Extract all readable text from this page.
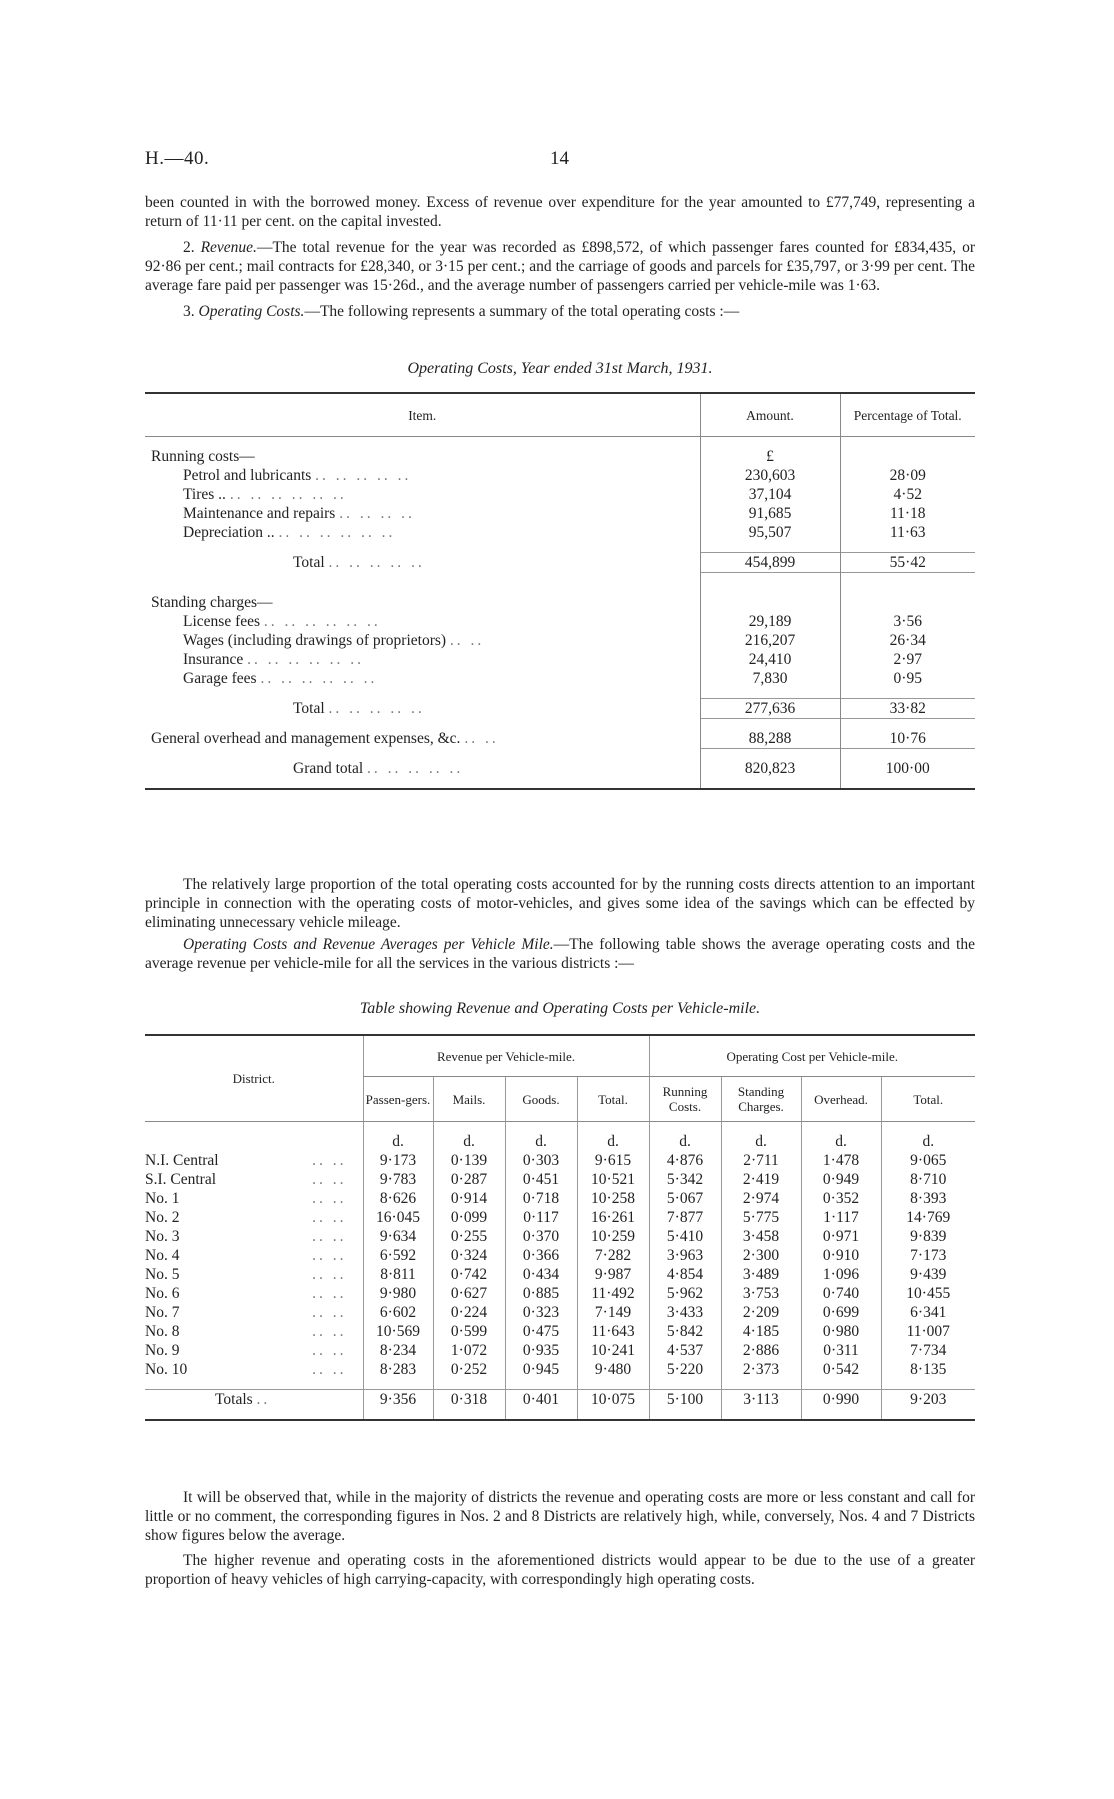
H.—40.	14

been counted in with the borrowed money. Excess of revenue over expenditure for the year amounted to £77,749, representing a return of 11·11 per cent. on the capital invested.

2. Revenue.—The total revenue for the year was recorded as £898,572, of which passenger fares counted for £834,435, or 92·86 per cent.; mail contracts for £28,340, or 3·15 per cent.; and the carriage of goods and parcels for £35,797, or 3·99 per cent. The average fare paid per passenger was 15·26d., and the average number of passengers carried per vehicle-mile was 1·63.

3. Operating Costs.—The following represents a summary of the total operating costs :—

Operating Costs, Year ended 31st March, 1931.
Item.	Amount.	Percentage of Total.

Running costs—	£	
Petrol and lubricants .. .. .. .. ..	230,603	28·09
Tires .. .. .. .. .. .. ..	37,104	4·52
Maintenance and repairs .. .. .. ..	91,685	11·18
Depreciation .. .. .. .. .. .. ..	95,507	11·63

Total .. .. .. .. ..	454,899	55·42

Standing charges—		
License fees .. .. .. .. .. ..	29,189	3·56
Wages (including drawings of proprietors) .. ..	216,207	26·34
Insurance .. .. .. .. .. ..	24,410	2·97
Garage fees .. .. .. .. .. ..	7,830	0·95

Total .. .. .. .. ..	277,636	33·82

General overhead and management expenses, &c. .. ..	88,288	10·76

Grand total .. .. .. .. ..	820,823	100·00

The relatively large proportion of the total operating costs accounted for by the running costs directs attention to an important principle in connection with the operating costs of motor-vehicles, and gives some idea of the savings which can be effected by eliminating unnecessary vehicle mileage.

Operating Costs and Revenue Averages per Vehicle Mile.—The following table shows the average operating costs and the average revenue per vehicle-mile for all the services in the various districts :—

Table showing Revenue and Operating Costs per Vehicle-mile.
District.	Revenue per Vehicle-mile.				Operating Cost per Vehicle-mile.			
	Passen-gers.	Mails.	Goods.	Total.	Running Costs.	Standing Charges.	Overhead.	Total.

	d.	d.	d.	d.	d.	d.	d.	d.
N.I. Central .. ..	9·173	0·139	0·303	9·615	4·876	2·711	1·478	9·065
S.I. Central .. ..	9·783	0·287	0·451	10·521	5·342	2·419	0·949	8·710
No. 1 .. ..	8·626	0·914	0·718	10·258	5·067	2·974	0·352	8·393
No. 2 .. ..	16·045	0·099	0·117	16·261	7·877	5·775	1·117	14·769
No. 3 .. ..	9·634	0·255	0·370	10·259	5·410	3·458	0·971	9·839
No. 4 .. ..	6·592	0·324	0·366	7·282	3·963	2·300	0·910	7·173
No. 5 .. ..	8·811	0·742	0·434	9·987	4·854	3·489	1·096	9·439
No. 6 .. ..	9·980	0·627	0·885	11·492	5·962	3·753	0·740	10·455
No. 7 .. ..	6·602	0·224	0·323	7·149	3·433	2·209	0·699	6·341
No. 8 .. ..	10·569	0·599	0·475	11·643	5·842	4·185	0·980	11·007
No. 9 .. ..	8·234	1·072	0·935	10·241	4·537	2·886	0·311	7·734
No. 10 .. ..	8·283	0·252	0·945	9·480	5·220	2·373	0·542	8·135

Totals ..	9·356	0·318	0·401	10·075	5·100	3·113	0·990	9·203

It will be observed that, while in the majority of districts the revenue and operating costs are more or less constant and call for little or no comment, the corresponding figures in Nos. 2 and 8 Districts are relatively high, while, conversely, Nos. 4 and 7 Districts show figures below the average.

The higher revenue and operating costs in the aforementioned districts would appear to be due to the use of a greater proportion of heavy vehicles of high carrying-capacity, with correspondingly high operating costs.
